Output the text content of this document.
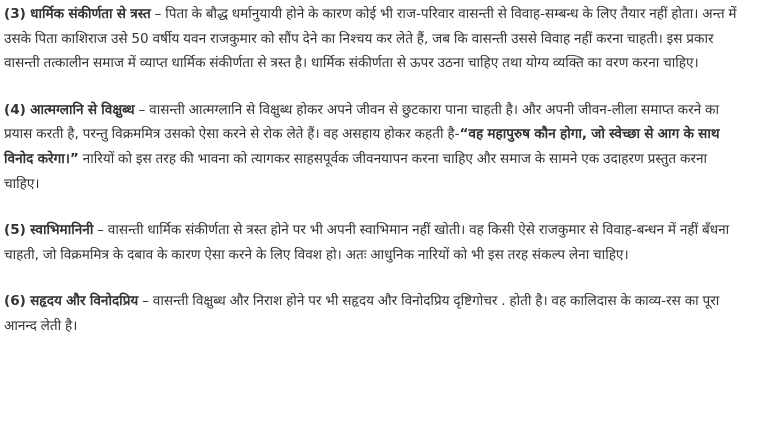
(3) धार्मिक संकीर्णता से त्रस्त – पिता के बौद्ध धर्मानुयायी होने के कारण कोई भी राज-परिवार वासन्ती से विवाह-सम्बन्ध के लिए तैयार नहीं होता। अन्त में उसके पिता काशिराज उसे 50 वर्षीय यवन राजकुमार को सौंप देने का निश्चय कर लेते हैं, जब कि वासन्ती उससे विवाह नहीं करना चाहती। इस प्रकार वासन्ती तत्कालीन समाज में व्याप्त धार्मिक संकीर्णता से त्रस्त है। धार्मिक संकीर्णता से ऊपर उठना चाहिए तथा योग्य व्यक्ति का वरण करना चाहिए।

(4) आत्मग्लानि से विक्षुब्ध – वासन्ती आत्मग्लानि से विक्षुब्ध होकर अपने जीवन से छुटकारा पाना चाहती है। और अपनी जीवन-लीला समाप्त करने का प्रयास करती है, परन्तु विक्रममित्र उसको ऐसा करने से रोक लेते हैं। वह असहाय होकर कहती है-“वह महापुरुष कौन होगा, जो स्वेच्छा से आग के साथ विनोद करेगा।” नारियों को इस तरह की भावना को त्यागकर साहसपूर्वक जीवनयापन करना चाहिए और समाज के सामने एक उदाहरण प्रस्तुत करना चाहिए।

(5) स्वाभिमानिनी – वासन्ती धार्मिक संकीर्णता से त्रस्त होने पर भी अपनी स्वाभिमान नहीं खोती। वह किसी ऐसे राजकुमार से विवाह-बन्धन में नहीं बँधना चाहती, जो विक्रममित्र के दबाव के कारण ऐसा करने के लिए विवश हो। अतः आधुनिक नारियों को भी इस तरह संकल्प लेना चाहिए।

(6) सहृदय और विनोदप्रिय – वासन्ती विक्षुब्ध और निराश होने पर भी सहृदय और विनोदप्रिय दृष्टिगोचर . होती है। वह कालिदास के काव्य-रस का पूरा आनन्द लेती है।
